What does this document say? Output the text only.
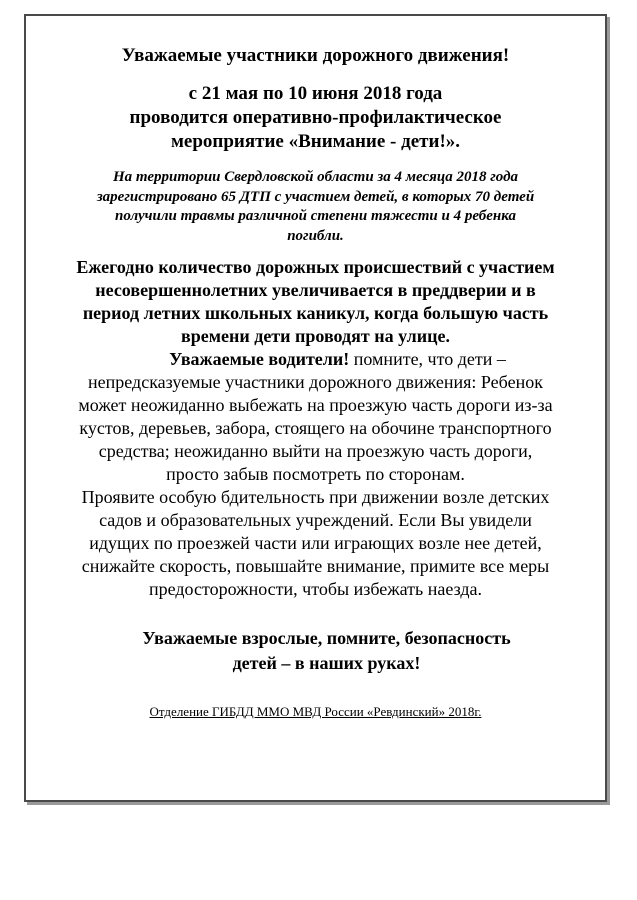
Уважаемые участники дорожного движения!

с 21 мая по 10 июня 2018 года
проводится оперативно-профилактическое
мероприятие «Внимание - дети!».

На территории Свердловской области за 4 месяца 2018 года
зарегистрировано 65 ДТП с участием детей, в которых 70 детей
получили травмы различной степени тяжести и 4 ребенка
погибли.

Ежегодно количество дорожных происшествий с участием
несовершеннолетних увеличивается в преддверии и в
период летних школьных каникул, когда большую часть
времени дети проводят на улице.

Уважаемые водители! помните, что дети –
непредсказуемые участники дорожного движения: Ребенок
может неожиданно выбежать на проезжую часть дороги из-за
кустов, деревьев, забора, стоящего на обочине транспортного
средства; неожиданно выйти на проезжую часть дороги,
просто забыв посмотреть по сторонам.

Проявите особую бдительность при движении возле детских
садов и образовательных учреждений. Если Вы увидели
идущих по проезжей части или играющих возле нее детей,
снижайте скорость, повышайте внимание, примите все меры
предосторожности, чтобы избежать наезда.

Уважаемые взрослые, помните, безопасность
детей – в наших руках!

Отделение ГИБДД ММО МВД России «Ревдинский» 2018г.
